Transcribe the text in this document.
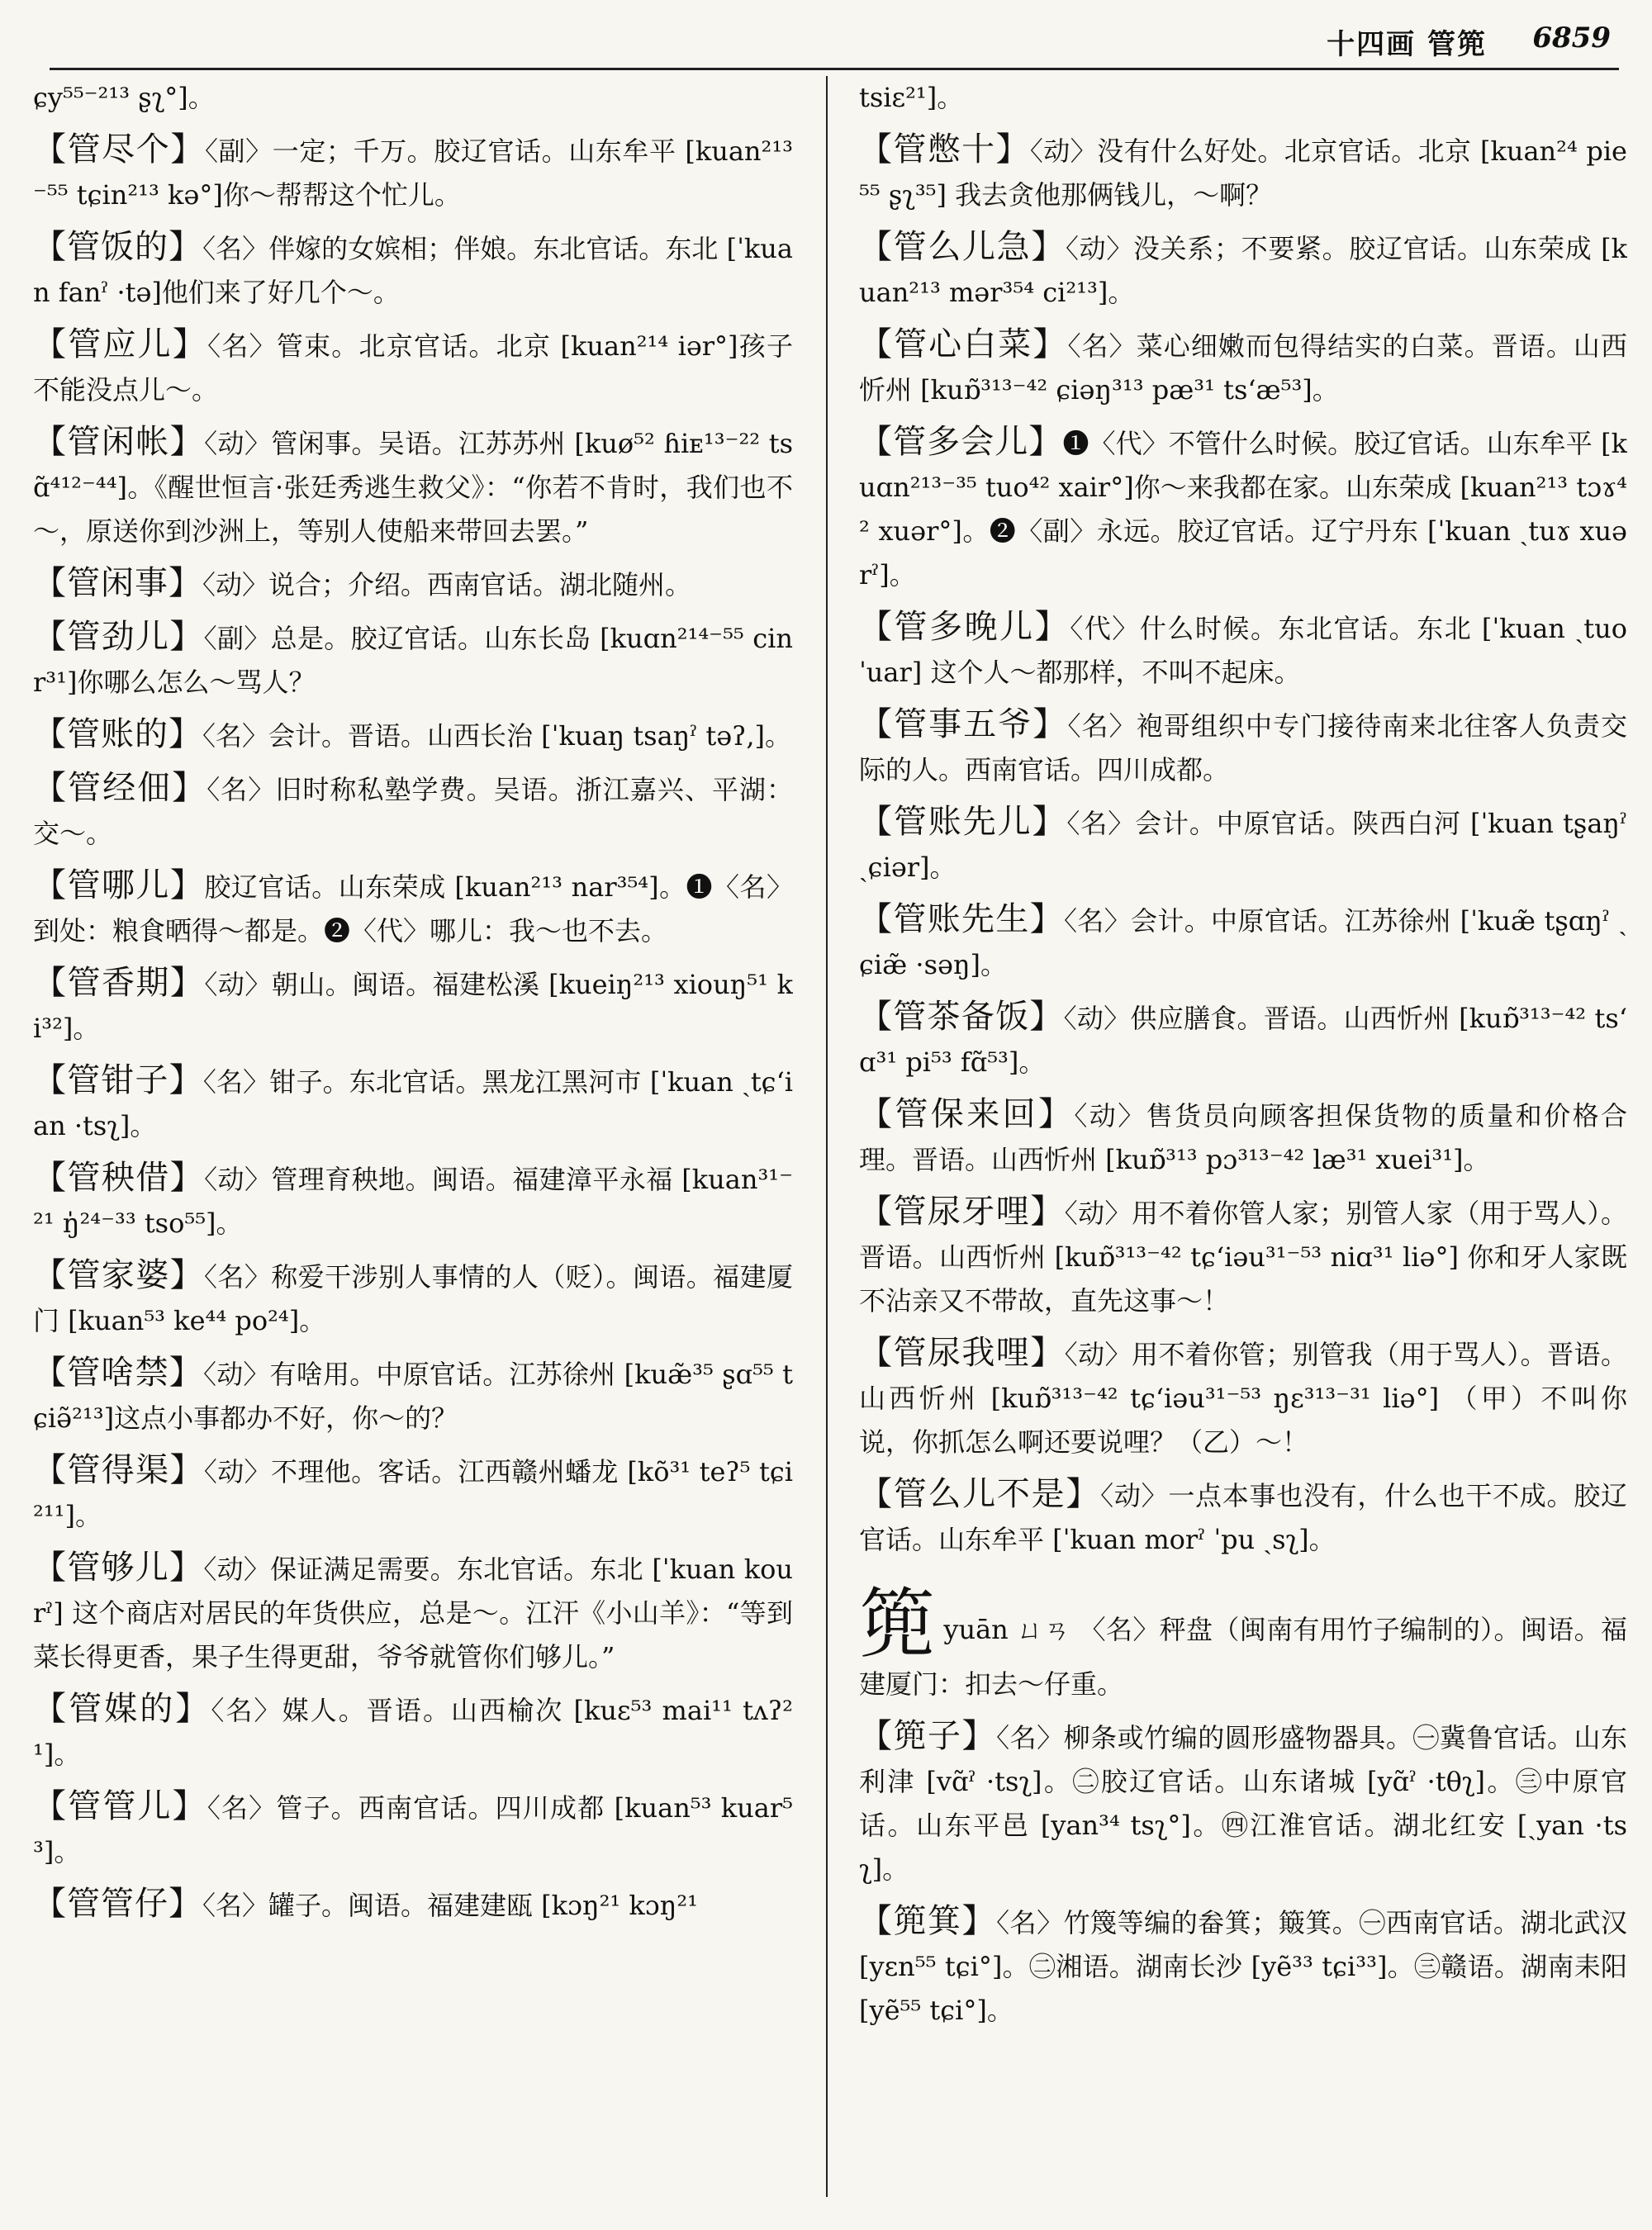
十四画 管篼 6859

ɕy⁵⁵⁻²¹³ ʂʅ°]。

【管尽个】〈副〉一定；千万。胶辽官话。山东牟平 [kuan²¹³⁻⁵⁵ tɕin²¹³ kə°]你～帮帮这个忙儿。

【管饭的】〈名〉伴嫁的女嫔相；伴娘。东北官话。东北 [ˈkuan fanˀ ·tə]他们来了好几个～。

【管应儿】〈名〉管束。北京官话。北京 [kuan²¹⁴ iər°]孩子不能没点儿～。

【管闲帐】〈动〉管闲事。吴语。江苏苏州 [kuø⁵² ɦiᴇ¹³⁻²² tsɑ̃⁴¹²⁻⁴⁴]。《醒世恒言·张廷秀逃生救父》：“你若不肯时，我们也不～，原送你到沙洲上，等别人使船来带回去罢。”

【管闲事】〈动〉说合；介绍。西南官话。湖北随州。

【管劲儿】〈副〉总是。胶辽官话。山东长岛 [kuɑn²¹⁴⁻⁵⁵ cinr³¹]你哪么怎么～骂人？

【管账的】〈名〉会计。晋语。山西长治 [ˈkuaŋ tsaŋˀ təʔ,]。

【管经佃】〈名〉旧时称私塾学费。吴语。浙江嘉兴、平湖：交～。

【管哪儿】胶辽官话。山东荣成 [kuan²¹³ nar³⁵⁴]。❶〈名〉到处：粮食晒得～都是。❷〈代〉哪儿：我～也不去。

【管香期】〈动〉朝山。闽语。福建松溪 [kueiŋ²¹³ xiouŋ⁵¹ ki³²]。

【管钳子】〈名〉钳子。东北官话。黑龙江黑河市 [ˈkuan ˏtɕʻian ·tsʅ]。

【管秧借】〈动〉管理育秧地。闽语。福建漳平永福 [kuan³¹⁻²¹ ŋ̍²⁴⁻³³ tso⁵⁵]。

【管家婆】〈名〉称爱干涉别人事情的人（贬）。闽语。福建厦门 [kuan⁵³ ke⁴⁴ po²⁴]。

【管啥禁】〈动〉有啥用。中原官话。江苏徐州 [kuæ̃³⁵ ʂɑ⁵⁵ tɕiə̃²¹³]这点小事都办不好，你～的？

【管得渠】〈动〉不理他。客话。江西赣州蟠龙 [kõ³¹ teʔ⁵ tɕi²¹¹]。

【管够儿】〈动〉保证满足需要。东北官话。东北 [ˈkuan kourˀ] 这个商店对居民的年货供应，总是～。江汗《小山羊》：“等到菜长得更香，果子生得更甜，爷爷就管你们够儿。”

【管媒的】〈名〉媒人。晋语。山西榆次 [kuɛ⁵³ mai¹¹ tʌʔ²¹]。

【管管儿】〈名〉管子。西南官话。四川成都 [kuan⁵³ kuar⁵³]。

【管管仔】〈名〉罐子。闽语。福建建瓯 [kɔŋ²¹ kɔŋ²¹

tsiɛ²¹]。

【管憋十】〈动〉没有什么好处。北京官话。北京 [kuan²⁴ pie⁵⁵ ʂʅ³⁵] 我去贪他那俩钱儿，～啊？

【管么儿急】〈动〉没关系；不要紧。胶辽官话。山东荣成 [kuan²¹³ mər³⁵⁴ ci²¹³]。

【管心白菜】〈名〉菜心细嫩而包得结实的白菜。晋语。山西忻州 [kuɒ̃³¹³⁻⁴² ɕiəŋ³¹³ pæ³¹ tsʻæ⁵³]。

【管多会儿】❶〈代〉不管什么时候。胶辽官话。山东牟平 [kuɑn²¹³⁻³⁵ tuo⁴² xair°]你～来我都在家。山东荣成 [kuan²¹³ tɔɤ⁴² xuər°]。❷〈副〉永远。胶辽官话。辽宁丹东 [ˈkuan ˏtuɤ xuərˀ]。

【管多晚儿】〈代〉什么时候。东北官话。东北 [ˈkuan ˏtuo ˈuar] 这个人～都那样，不叫不起床。

【管事五爷】〈名〉袍哥组织中专门接待南来北往客人负责交际的人。西南官话。四川成都。

【管账先儿】〈名〉会计。中原官话。陕西白河 [ˈkuan tʂaŋˀ ˏɕiər]。

【管账先生】〈名〉会计。中原官话。江苏徐州 [ˈkuæ̃ tʂɑŋˀ ˏɕiæ̃ ·səŋ]。

【管茶备饭】〈动〉供应膳食。晋语。山西忻州 [kuɒ̃³¹³⁻⁴² tsʻɑ³¹ pi⁵³ fɑ̃⁵³]。

【管保来回】〈动〉售货员向顾客担保货物的质量和价格合理。晋语。山西忻州 [kuɒ̃³¹³ pɔ³¹³⁻⁴² læ³¹ xuei³¹]。

【管尿牙哩】〈动〉用不着你管人家；别管人家（用于骂人）。晋语。山西忻州 [kuɒ̃³¹³⁻⁴² tɕʻiəu³¹⁻⁵³ niɑ³¹ liə°] 你和牙人家既不沾亲又不带故，直先这事～！

【管尿我哩】〈动〉用不着你管；别管我（用于骂人）。晋语。山西忻州 [kuɒ̃³¹³⁻⁴² tɕʻiəu³¹⁻⁵³ ŋɛ³¹³⁻³¹ liə°] （甲）不叫你说，你抓怎么啊还要说哩？（乙）～！

【管么儿不是】〈动〉一点本事也没有，什么也干不成。胶辽官话。山东牟平 [ˈkuan morˀ ˈpu ˏsʅ]。

篼yuān ㄩㄢ 〈名〉秤盘（闽南有用竹子编制的）。闽语。福建厦门：扣去～仔重。

【篼子】〈名〉柳条或竹编的圆形盛物器具。㊀冀鲁官话。山东利津 [vɑ̃ˀ ·tsʅ]。㊁胶辽官话。山东诸城 [yɑ̃ˀ ·tθʅ]。㊂中原官话。山东平邑 [yan³⁴ tsʅ°]。㊃江淮官话。湖北红安 [ˏyan ·tsʅ]。

【篼箕】〈名〉竹篾等编的畚箕；簸箕。㊀西南官话。湖北武汉 [yɛn⁵⁵ tɕi°]。㊁湘语。湖南长沙 [yẽ³³ tɕi³³]。㊂赣语。湖南耒阳 [yẽ⁵⁵ tɕi°]。
